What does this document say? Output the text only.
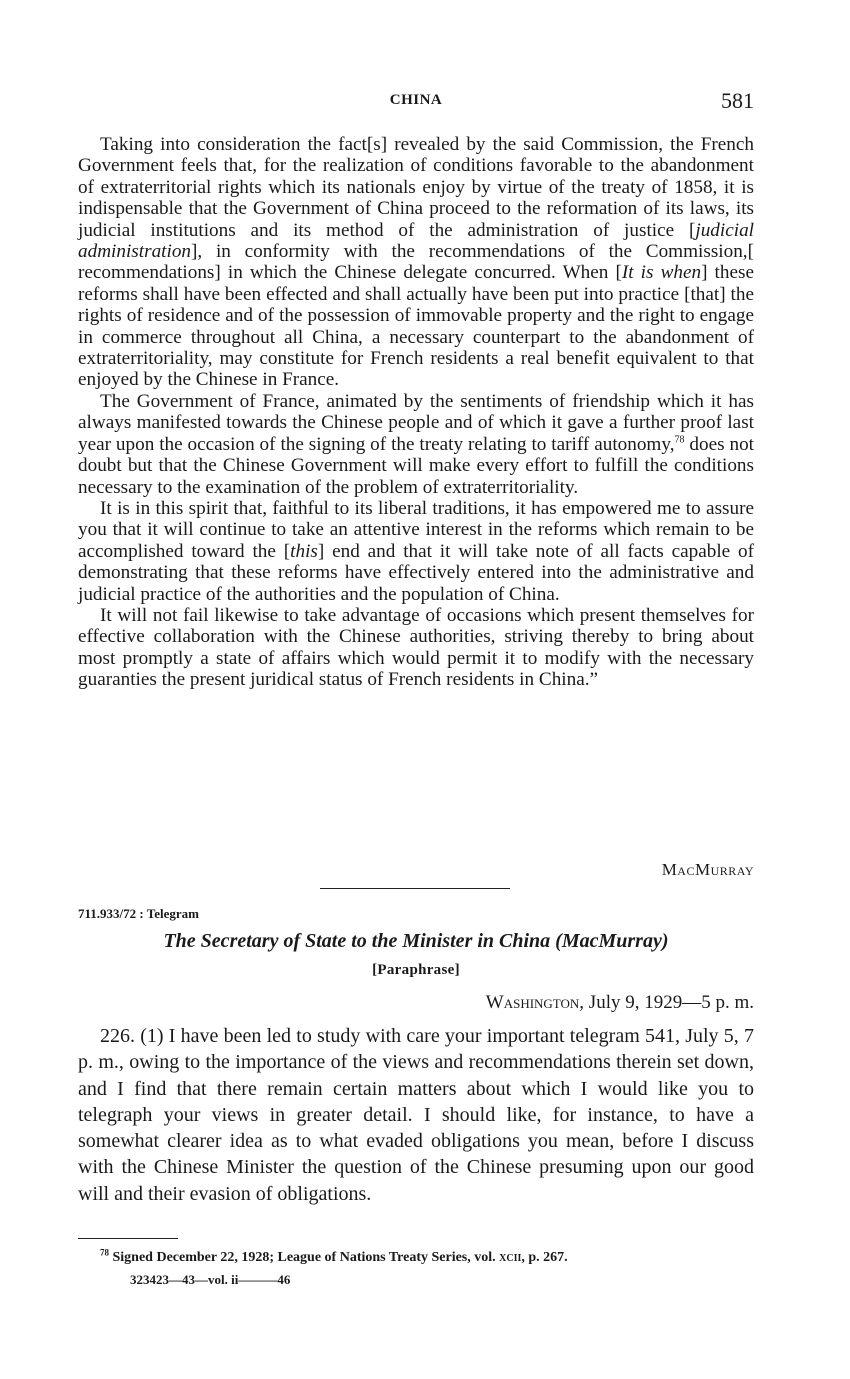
CHINA	581

Taking into consideration the fact[s] revealed by the said Commission, the French Government feels that, for the realization of conditions favorable to the abandonment of extraterritorial rights which its nationals enjoy by virtue of the treaty of 1858, it is indispensable that the Government of China proceed to the reformation of its laws, its judicial institutions and its method of the administration of justice [judicial administration], in conformity with the recommendations of the Commission,[ recommendations] in which the Chinese delegate concurred. When [It is when] these reforms shall have been effected and shall actually have been put into practice [that] the rights of residence and of the possession of immovable property and the right to engage in commerce throughout all China, a necessary counterpart to the abandonment of extraterritoriality, may constitute for French residents a real benefit equivalent to that enjoyed by the Chinese in France.

The Government of France, animated by the sentiments of friendship which it has always manifested towards the Chinese people and of which it gave a further proof last year upon the occasion of the signing of the treaty relating to tariff autonomy,$^{78}$ does not doubt but that the Chinese Government will make every effort to fulfill the conditions necessary to the examination of the problem of extraterritoriality.

It is in this spirit that, faithful to its liberal traditions, it has empowered me to assure you that it will continue to take an attentive interest in the reforms which remain to be accomplished toward the [this] end and that it will take note of all facts capable of demonstrating that these reforms have effectively entered into the administrative and judicial practice of the authorities and the population of China.

It will not fail likewise to take advantage of occasions which present themselves for effective collaboration with the Chinese authorities, striving thereby to bring about most promptly a state of affairs which would permit it to modify with the necessary guaranties the present juridical status of French residents in China.”

MacMurray
711.933/72 : Telegram
The Secretary of State to the Minister in China (MacMurray)
[Paraphrase]
Washington, July 9, 1929—5 p. m.

226. (1) I have been led to study with care your important telegram 541, July 5, 7 p. m., owing to the importance of the views and recommendations therein set down, and I find that there remain certain matters about which I would like you to telegraph your views in greater detail. I should like, for instance, to have a somewhat clearer idea as to what evaded obligations you mean, before I discuss with the Chinese Minister the question of the Chinese presuming upon our good will and their evasion of obligations.

$^{78}$ Signed December 22, 1928; League of Nations Treaty Series, vol. xcii, p. 267.
323423—43—vol. ii———46
